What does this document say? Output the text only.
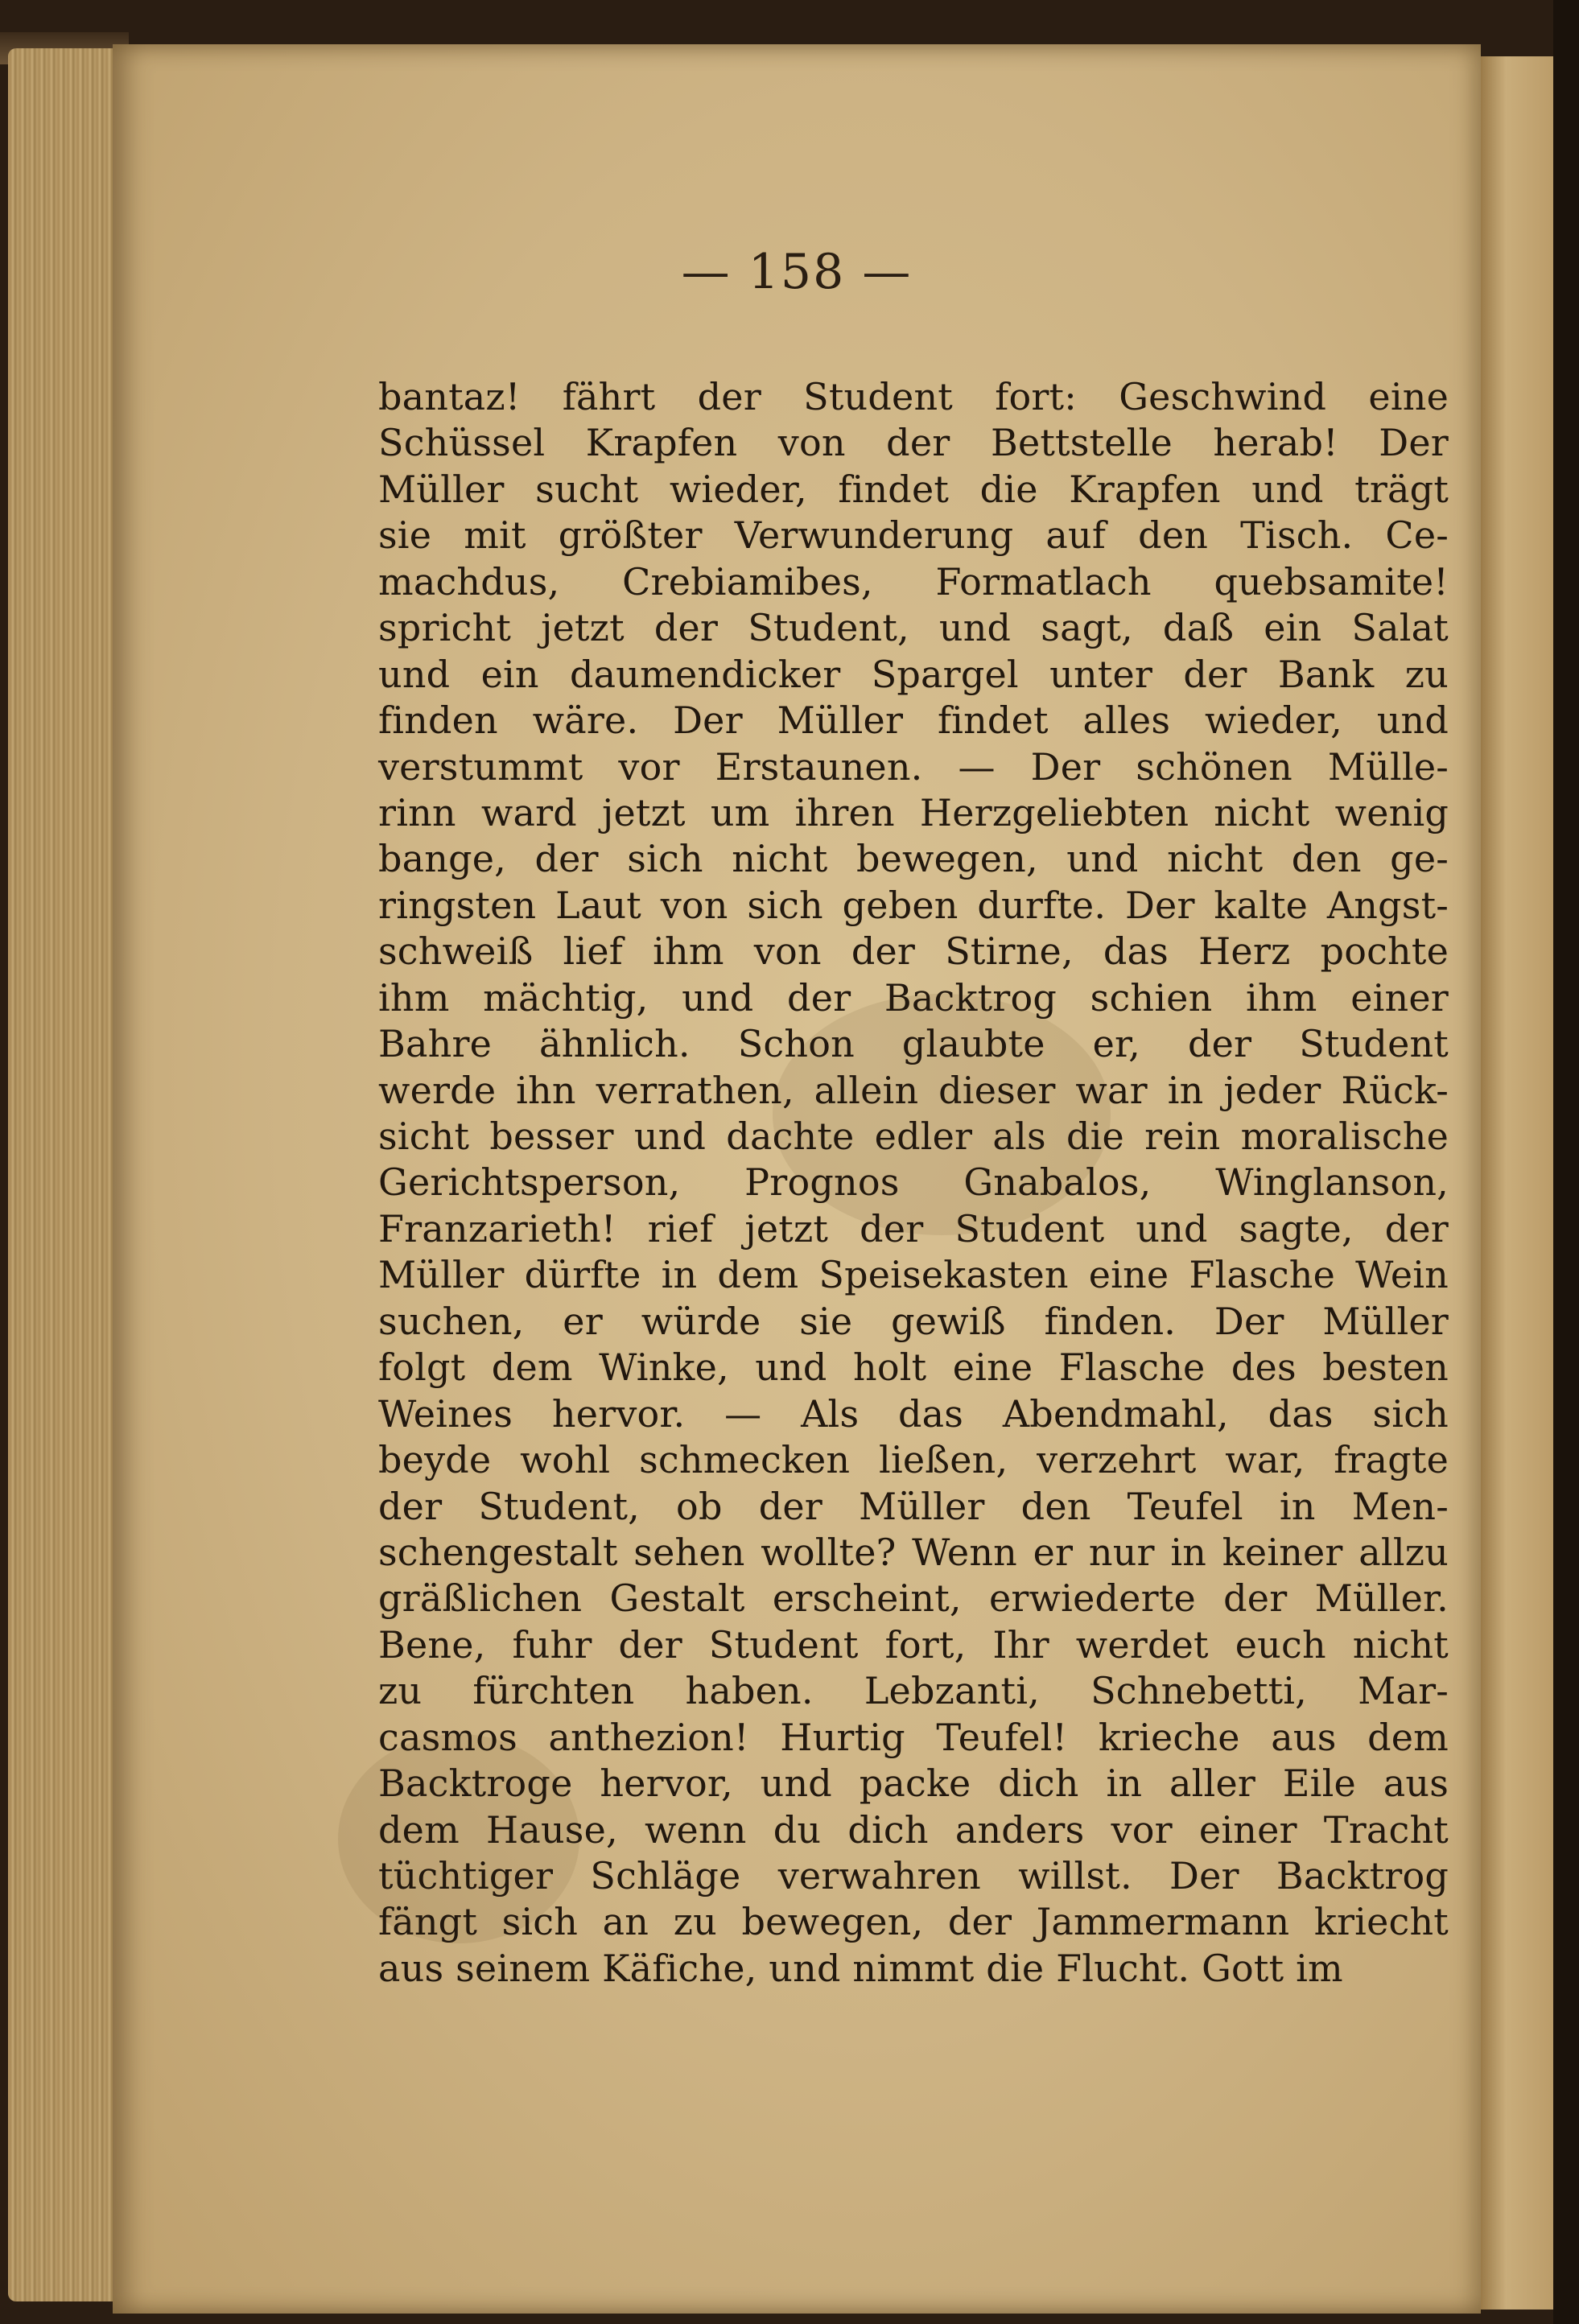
— 158 —
bantaz! fährt der Student fort: Geschwind eine
Schüssel Krapfen von der Bettstelle herab! Der
Müller sucht wieder, findet die Krapfen und trägt
sie mit größter Verwunderung auf den Tisch. Ce-
machdus, Crebiamibes, Formatlach quebsamite!
spricht jetzt der Student, und sagt, daß ein Salat
und ein daumendicker Spargel unter der Bank zu
finden wäre. Der Müller findet alles wieder, und
verstummt vor Erstaunen. — Der schönen Mülle-
rinn ward jetzt um ihren Herzgeliebten nicht wenig
bange, der sich nicht bewegen, und nicht den ge-
ringsten Laut von sich geben durfte. Der kalte Angst-
schweiß lief ihm von der Stirne, das Herz pochte
ihm mächtig, und der Backtrog schien ihm einer
Bahre ähnlich. Schon glaubte er, der Student
werde ihn verrathen, allein dieser war in jeder Rück-
sicht besser und dachte edler als die rein moralische
Gerichtsperson, Prognos Gnabalos, Winglanson,
Franzarieth! rief jetzt der Student und sagte, der
Müller dürfte in dem Speisekasten eine Flasche Wein
suchen, er würde sie gewiß finden. Der Müller
folgt dem Winke, und holt eine Flasche des besten
Weines hervor. — Als das Abendmahl, das sich
beyde wohl schmecken ließen, verzehrt war, fragte
der Student, ob der Müller den Teufel in Men-
schengestalt sehen wollte? Wenn er nur in keiner allzu
gräßlichen Gestalt erscheint, erwiederte der Müller.
Bene, fuhr der Student fort, Ihr werdet euch nicht
zu fürchten haben. Lebzanti, Schnebetti, Mar-
casmos anthezion! Hurtig Teufel! krieche aus dem
Backtroge hervor, und packe dich in aller Eile aus
dem Hause, wenn du dich anders vor einer Tracht
tüchtiger Schläge verwahren willst. Der Backtrog
fängt sich an zu bewegen, der Jammermann kriecht
aus seinem Käfiche, und nimmt die Flucht. Gott im
